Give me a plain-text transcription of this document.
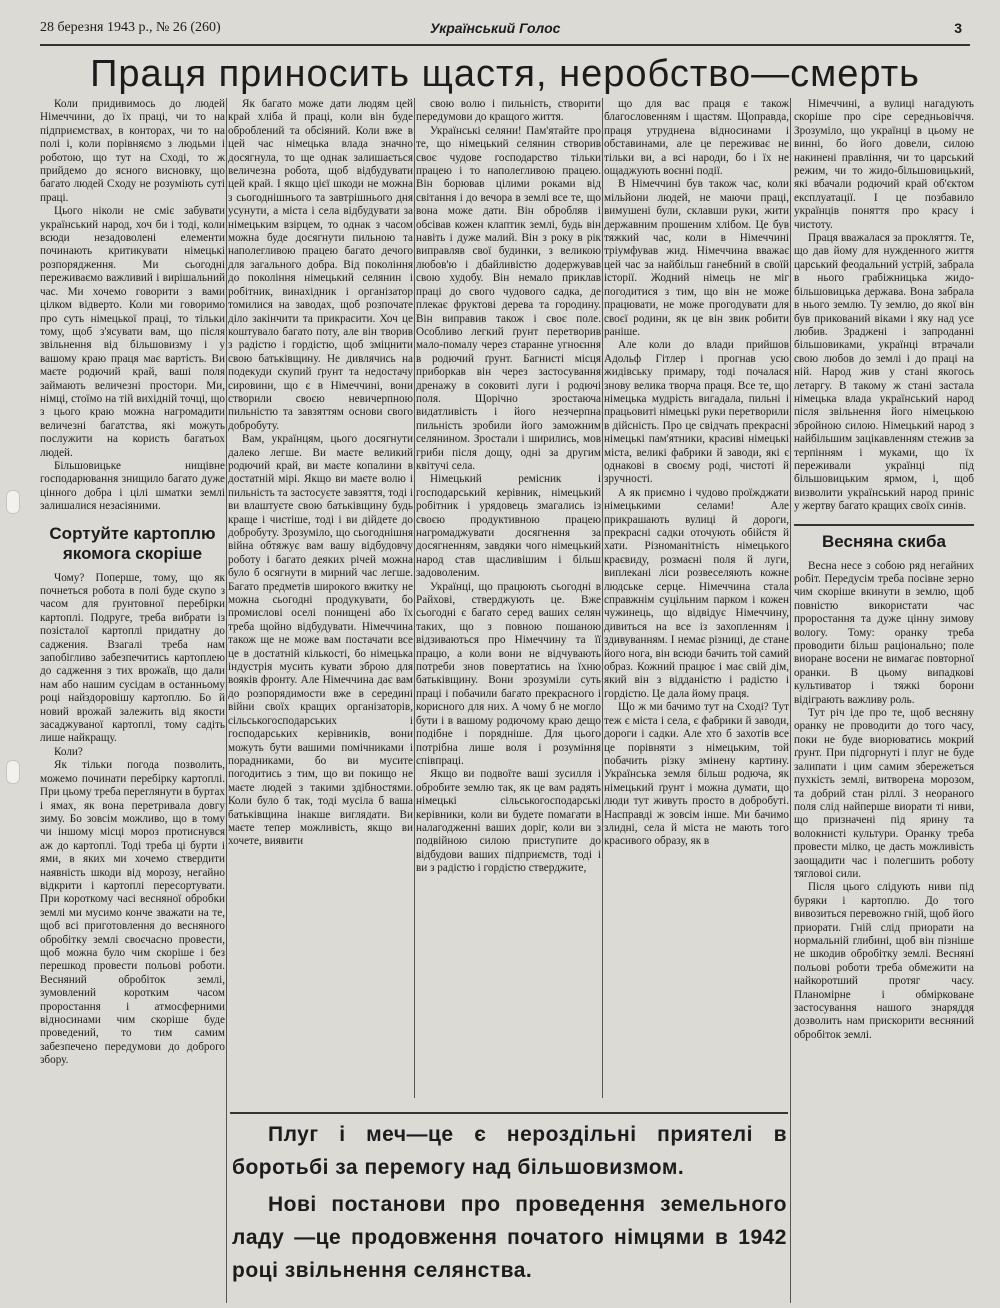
28 березня 1943 р., № 26 (260)	Український Голос	3
Праця приносить щастя, неробство—смерть

Коли придивимось до людей Німеччини, до їх праці, чи то на підприємствах, в конторах, чи то на полі і, коли порівняємо з людьми і роботою, що тут на Сході, то ж прийдемо до ясного висновку, що багато людей Сходу не розуміють суті праці.

Цього ніколи не сміє забувати український народ, хоч би і тоді, коли всюди незадоволені елементи починають критикувати німецькі розпорядження. Ми сьогодні переживаємо важливий і вирішальний час. Ми хочемо говорити з вами цілком відверто. Коли ми говоримо про суть німецької праці, то тільки тому, щоб з'ясувати вам, що після звільнення від більшовизму і у вашому краю праця має вартість. Ви маєте родючий край, ваші поля займають величезні простори. Ми, німці, стоїмо на тій вихідній точці, що з цього краю можна нагромадити величезні багатства, які можуть послужити на користь багатьох людей.

Більшовицьке нищівне господарювання знищило багато дуже цінного добра і цілі шматки землі залишалися незасіяними.

Сортуйте картоплю якомога скоріше

Чому? Поперше, тому, що як почнеться робота в полі буде скупо з часом для ґрунтовної перебірки картоплі. Подруге, треба вибрати із позісталої картоплі придатну до саджения. Взагалі треба нам запобігливо забезпечитись картоплею до садження з тих врожаїв, що дали нам або нашим сусідам в останньому році найздоровішу картоплю. Бо й новий врожай залежить від якости засаджуваної картоплі, тому садіть лише найкращу.

Коли?

Як тільки погода позволить, можемо починати перебірку картоплі. При цьому треба переглянути в буртах і ямах, як вона перетривала довгу зиму. Бо зовсім можливо, що в тому чи іншому місці мороз протиснувся аж до картоплі. Тоді треба ці бурти і ями, в яких ми хочемо ствердити наявність шкоди від морозу, негайно відкрити і картоплі пересортувати. При короткому часі весняної обробки землі ми мусимо конче зважати на те, щоб всі приготовлення до весняного обробітку землі своєчасно провести, щоб можна було чим скоріше і без перешкод провести польові роботи. Весняний обробіток землі, зумовлений коротким часом проростання і атмосферними відносинами чим скоріше буде проведений, то тим самим забезпечено передумови до доброго збору.

Як багато може дати людям цей край хліба й праці, коли він буде оброблений та обсіяний. Коли вже в цей час німецька влада значно досягнула, то ще однак залишається величезна робота, щоб відбудувати цей край. І якщо цієї шкоди не можна з сьогоднішнього та завтрішнього дня усунути, а міста і села відбудувати за німецьким взірцем, то однак з часом можна буде досягнути пильною та наполегливою працею багато дечого для загального добра. Від покоління до покоління німецький селянин і робітник, винахідник і організатор томилися на заводах, щоб розпочате діло закінчити та прикрасити. Хоч це коштувало багато поту, але він творив з радістю і гордістю, щоб зміцнити свою батьківщину. Не дивлячись на подекуди скупий ґрунт та недостачу сировини, що є в Німеччині, вони створили своєю невичерпною пильністю та завзяттям основи свого добробуту.

Вам, українцям, цього досягнути далеко легше. Ви маєте великий родючий край, ви маєте копалини в достатній мірі. Якщо ви маєте волю і пильність та застосуєте завзяття, тоді і ви влаштуєте свою батьківщину будь краще і чистіше, тоді і ви дійдете до добробуту. Зрозуміло, що сьогоднішня війна обтяжує вам вашу відбудовчу роботу і багато деяких річей можна було б осягнути в мирний час легше. Багато предметів широкого вжитку не можна сьогодні продукувати, бо промислові оселі понищені або їх треба щойно відбудувати. Німеччина також ще не може вам постачати все це в достатній кількості, бо німецька індустрія мусить кувати зброю для вояків фронту. Але Німеччина дає вам до розпорядимости вже в середині війни своїх кращих організаторів, сільськогосподарських і господарських керівників, вони можуть бути вашими помічниками і порадниками, бо ви мусите погодитись з тим, що ви покищо не маєте людей з такими здібностями. Коли було б так, тоді мусіла б ваша батьківщина інакше виглядати. Ви маєте тепер можливість, якщо ви хочете, виявити

свою волю і пильність, створити передумови до кращого життя.

Українські селяни! Пам'ятайте про те, що німецький селянин створив своє чудове господарство тільки працею і то наполегливою працею. Він борював цілими роками від світання і до вечора в землі все те, що вона може дати. Він обробляв і обсівав кожен клаптик землі, будь він навіть і дуже малий. Він з року в рік виправляв свої будинки, з великою любов'ю і дбайливістю додержував свою худобу. Він немало приклав праці до свого чудового садка, де плекає фруктові дерева та городину. Він виправив також і своє поле. Особливо легкий ґрунт перетворив мало-помалу через старанне угноєння в родючий ґрунт. Багнисті місця приборкав він через застосування дренажу в соковиті луги і родючі поля. Щорічно зростаюча видатливість і його незчерпна пильність зробили його заможним селянином. Зростали і ширились, мов гриби після дощу, одні за другим квітучі села.

Німецький ремісник і господарський керівник, німецький робітник і урядовець змагались із своєю продуктивною працею нагромаджувати досягнення за досягненням, завдяки чого німецький народ став щасливішим і більш задоволеним.

Українці, що працюють сьогодні в Райхові, стверджують це. Вже сьогодні є багато серед ваших селян таких, що з повною пошаною відзиваються про Німеччину та її працю, а коли вони не відчувають потреби знов повертатись на їхню батьківщину. Вони зрозуміли суть праці і побачили багато прекрасного і корисного для них. А чому б не могло бути і в вашому родючому краю дещо подібне і порядніше. Для цього потрібна лише воля і розуміння співпраці.

Якщо ви подвоїте ваші зусилля і обробите землю так, як це вам радять німецькі сільськогосподарські керівники, коли ви будете помагати в налагодженні ваших доріг, коли ви з подвійною силою приступите до відбудови ваших підприємств, тоді і ви з радістю і гордістю стверджите,

що для вас праця є також благословенням і щастям. Щоправда, праця утруднена відносинами і обставинами, але це переживає не тільки ви, а всі народи, бо і їх не ощаджують воєнні події.

В Німеччині був також час, коли мільйони людей, не маючи праці, вимушені були, склавши руки, жити державним прошеним хлібом. Це був тяжкий час, коли в Німеччині тріумфував жид. Німеччина вважає цей час за найбільш ганебний в своїй історії. Жодний німець не міг погодитися з тим, що він не може працювати, не може прогодувати для своєї родини, як це він звик робити раніше.

Але коли до влади прийшов Адольф Гітлер і прогнав усю жидівську примару, тоді почалася знову велика творча праця. Все те, що німецька мудрість вигадала, пильні і працьовиті німецькі руки перетворили в дійсність. Про це свідчать прекрасні німецькі пам'ятники, красиві німецькі міста, великі фабрики й заводи, які є однакові в своєму роді, чистоті й зручності.

А як приємно і чудово проїжджати німецькими селами! Але прикрашають вулиці й дороги, прекрасні садки оточують обійстя й хати. Різноманітність німецького краєвиду, розмаєні поля й луги, виплекані ліси розвеселяють кожне людське серце. Німеччина стала справжнім суцільним парком і кожен чужинець, що відвідує Німеччину, дивиться на все із захопленням і здивуванням. І немає різниці, де стане його нога, він всюди бачить той самий образ. Кожний працює і має свій дім, який він з відданістю і радістю і гордістю. Це дала йому праця.

Що ж ми бачимо тут на Сході? Тут теж є міста і села, є фабрики й заводи, дороги і садки. Але хто б захотів все це порівняти з німецьким, той побачить різку змінену картину. Українська земля більш родюча, як німецький ґрунт і можна думати, що люди тут живуть просто в добробуті. Насправді ж зовсім інше. Ми бачимо злидні, села й міста не мають того красивого образу, як в

Німеччині, а вулиці нагадують скоріше про сіре середньовіччя. Зрозуміло, що українці в цьому не винні, бо його довели, силою накинені правління, чи то царський режим, чи то жидо-більшовицький, які вбачали родючий край об'єктом експлуатації. І це позбавило українців поняття про красу і чистоту.

Праця вважалася за прокляття. Те, що дав йому для нужденного життя царський феодальний устрій, забрала в нього грабіжницька жидо-більшовицька держава. Вона забрала в нього землю. Ту землю, до якої він був прикований віками і яку над усе любив. Зраджені і запроданні більшовиками, українці втрачали свою любов до землі і до праці на ній. Народ жив у стані якогось летаргу. В такому ж стані застала німецька влада український народ після звільнення його німецькою збройною силою. Німецький народ з найбільшим зацікавленням стежив за терпінням і муками, що їх переживали українці під більшовицьким ярмом, і, щоб визволити український народ приніс у жертву багато кращих своїх синів.

Весняна скиба

Весна несе з собою ряд негайних робіт. Передусім треба посівне зерно чим скоріше вкинути в землю, щоб повністю використати час проростання та дуже цінну зимову вологу. Тому: оранку треба проводити більш раціонально; поле виоране восени не вимагає повторної оранки. В цьому випадкові культиватор і тяжкі борони відіграють важливу роль.

Тут річ іде про те, щоб весняну оранку не проводити до того часу, поки не буде виорюватись мокрий ґрунт. При підгорнуті і плуг не буде залипати і цим самим збережеться пухкість землі, витворена морозом, та добрий стан ріллі. З неораного поля слід найперше виорати ті ниви, що призначені під ярину та волокнисті культури. Оранку треба провести мілко, це дасть можливість заощадити час і полегшить роботу тягловоі сили.

Після цього слідують ниви під буряки і картоплю. До того вивозиться перевожно гній, щоб його приорати. Гній слід приорати на нормальній глибині, щоб він пізніше не шкодив обробітку землі. Весняні польові роботи треба обмежити на найкоротший протяг часу. Планомірне і обмірковане застосування нашого знаряддя дозволить нам прискорити весняний обробіток землі.

Плуг і меч—це є нероздільні приятелі в боротьбі за перемогу над більшовизмом.

Нові постанови про проведення земельного ладу —це продовження початого німцями в 1942 році звільнення селянства.
